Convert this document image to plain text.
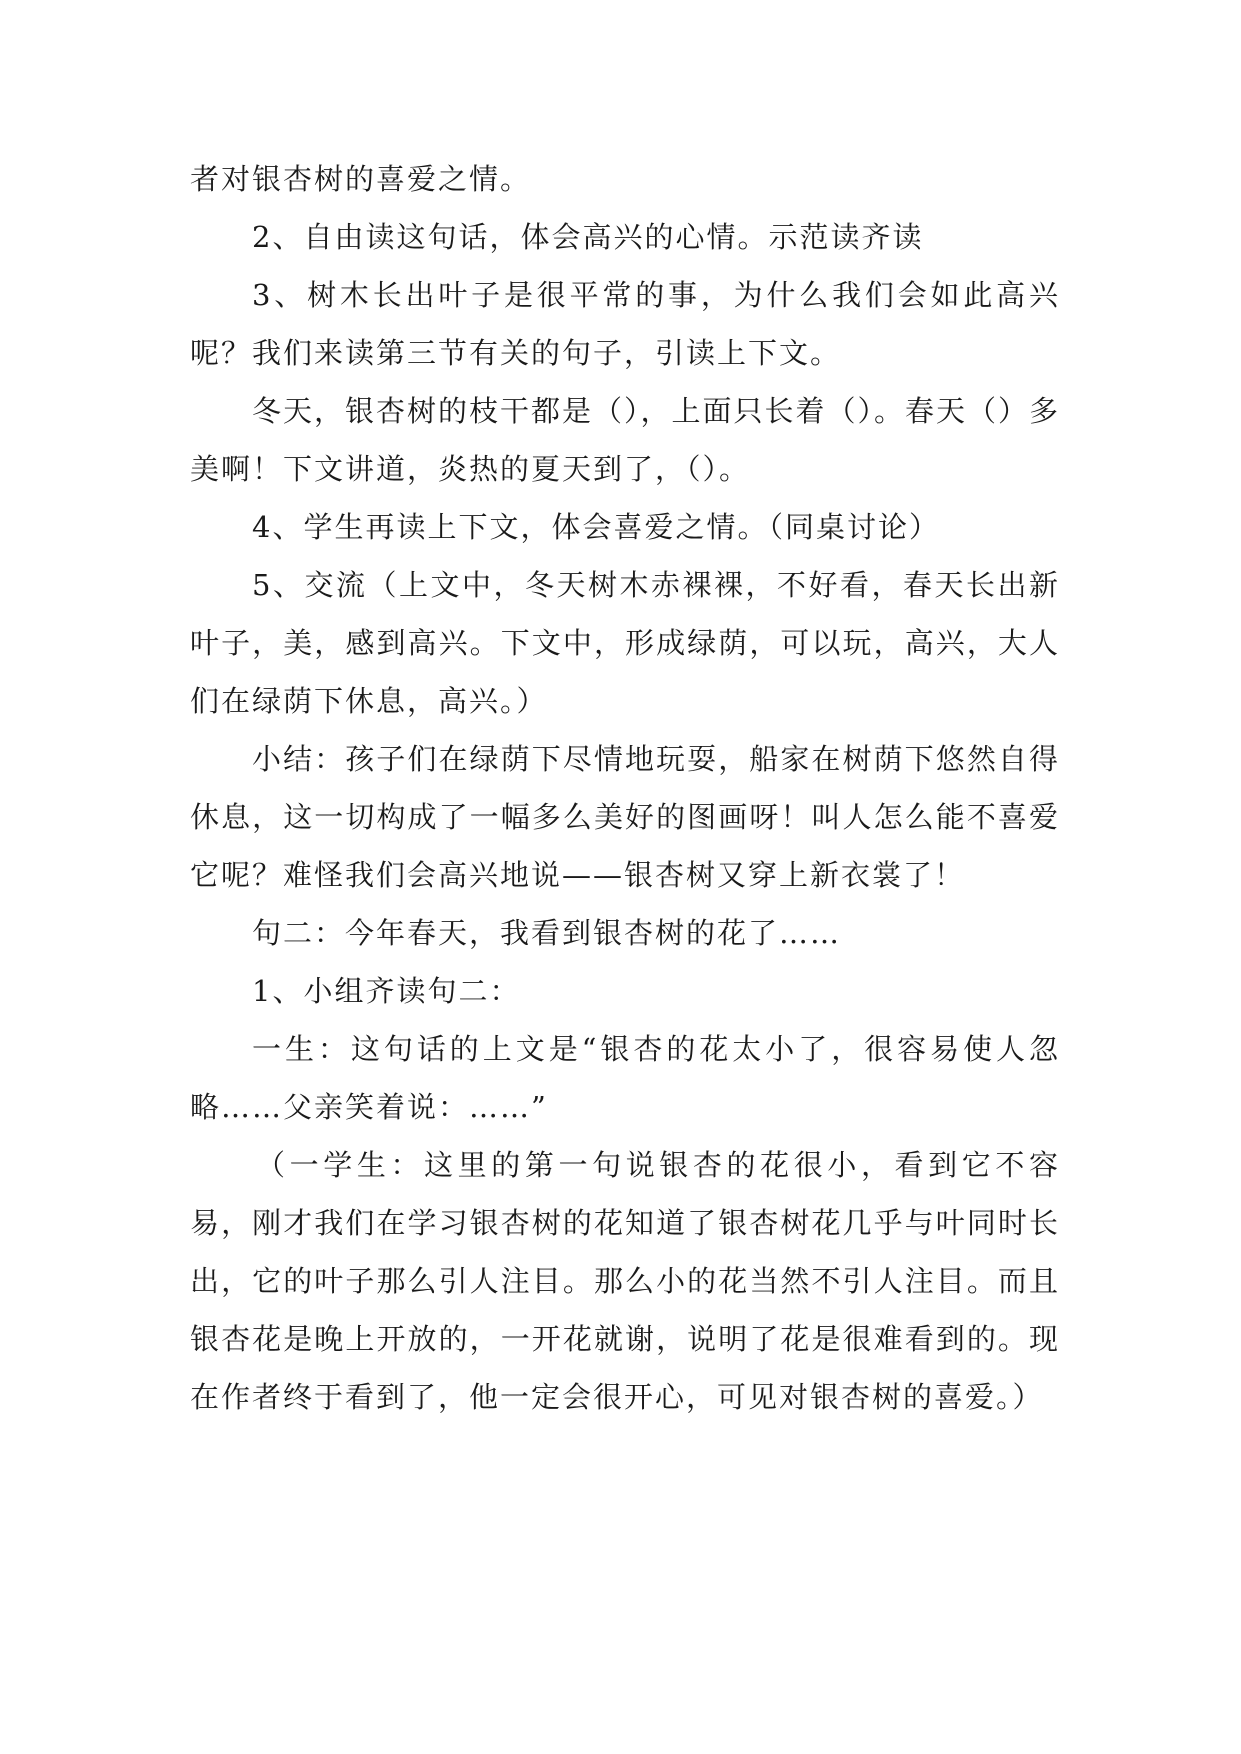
者对银杏树的喜爱之情。

2、自由读这句话，体会高兴的心情。示范读齐读

3、树木长出叶子是很平常的事，为什么我们会如此高兴呢？我们来读第三节有关的句子，引读上下文。

冬天，银杏树的枝干都是（），上面只长着（）。春天（）多美啊！下文讲道，炎热的夏天到了，（）。

4、学生再读上下文，体会喜爱之情。（同桌讨论）

5、交流（上文中，冬天树木赤裸裸，不好看，春天长出新叶子，美，感到高兴。下文中，形成绿荫，可以玩，高兴，大人们在绿荫下休息，高兴。）

小结：孩子们在绿荫下尽情地玩耍，船家在树荫下悠然自得休息，这一切构成了一幅多么美好的图画呀！叫人怎么能不喜爱它呢？难怪我们会高兴地说——银杏树又穿上新衣裳了！

句二：今年春天，我看到银杏树的花了……

1、小组齐读句二：

一生：这句话的上文是“银杏的花太小了，很容易使人忽略……父亲笑着说：……”

（一学生：这里的第一句说银杏的花很小，看到它不容易，刚才我们在学习银杏树的花知道了银杏树花几乎与叶同时长出，它的叶子那么引人注目。那么小的花当然不引人注目。而且银杏花是晚上开放的，一开花就谢，说明了花是很难看到的。现在作者终于看到了，他一定会很开心，可见对银杏树的喜爱。）
